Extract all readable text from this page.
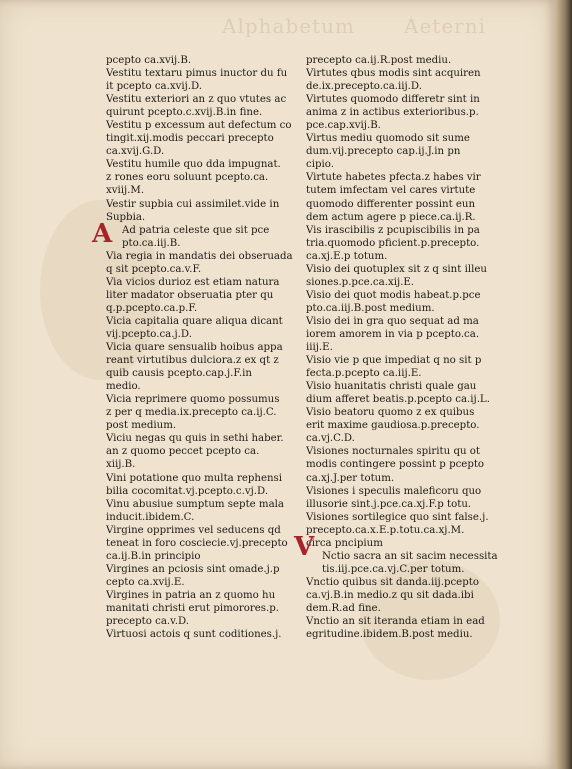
Alphabetum Aeterni
pcepto ca.xvij.B.
Vestitu textaru pimus inuctor du fu
it pcepto ca.xvij.D.
Vestitu exteriori an z quo vtutes ac
quirunt pcepto.c.xvij.B.in fine.
Vestitu p excessum aut defectum co
tingit.xij.modis peccari precepto
ca.xvij.G.D.
Vestitu humile quo dda impugnat.
z rones eoru soluunt pcepto.ca.
xviij.M.
Vestir supbia cui assimilet.vide in
Supbia.
Ad patria celeste que sit pce
pto.ca.iij.B.
Via regia in mandatis dei obseruada
q sit pcepto.ca.v.F.
Via vicios durioz est etiam natura
liter madator obseruatia pter qu
q.p.pcepto.ca.p.F.
Vicia capitalia quare aliqua dicant
vij.pcepto.ca.j.D.
Vicia quare sensualib hoibus appa
reant virtutibus dulciora.z ex qt z
quib causis pcepto.cap.j.F.in
medio.
Vicia reprimere quomo possumus
z per q media.ix.precepto ca.ij.C.
post medium.
Viciu negas qu quis in sethi haber.
an z quomo peccet pcepto ca.
xiij.B.
Vini potatione quo multa rephensi
bilia cocomitat.vj.pcepto.c.vj.D.
Vinu abusiue sumptum septe mala
inducit.ibidem.C.
Virgine opprimes vel seducens qd
teneat in foro cosciecie.vj.precepto
ca.ij.B.in principio
Virgines an pciosis sint omade.j.p
cepto ca.xvij.E.
Virgines in patria an z quomo hu
manitati christi erut pimorores.p.
precepto ca.v.D.
Virtuosi actois q sunt coditiones.j.
precepto ca.ij.R.post mediu.
Virtutes qbus modis sint acquiren
de.ix.precepto.ca.iij.D.
Virtutes quomodo differetr sint in
anima z in actibus exterioribus.p.
pce.cap.xvij.B.
Virtus mediu quomodo sit sume
dum.vij.precepto cap.ij.J.in pn
cipio.
Virtute habetes pfecta.z habes vir
tutem imfectam vel cares virtute
quomodo differenter possint eun
dem actum agere p piece.ca.ij.R.
Vis irascibilis z pcupiscibilis in pa
tria.quomodo pficient.p.precepto.
ca.xj.E.p totum.
Visio dei quotuplex sit z q sint illeu
siones.p.pce.ca.xij.E.
Visio dei quot modis habeat.p.pce
pto.ca.iij.B.post medium.
Visio dei in gra quo sequat ad ma
iorem amorem in via p pcepto.ca.
iiij.E.
Visio vie p que impediat q no sit p
fecta.p.pcepto ca.iij.E.
Visio huanitatis christi quale gau
dium afferet beatis.p.pcepto ca.ij.L.
Visio beatoru quomo z ex quibus
erit maxime gaudiosa.p.precepto.
ca.vj.C.D.
Visiones nocturnales spiritu qu ot
modis contingere possint p pcepto
ca.xj.J.per totum.
Visiones i speculis maleficoru quo
illusorie sint.j.pce.ca.xj.F.p totu.
Visiones sortilegice quo sint false.j.
precepto.ca.x.E.p.totu.ca.xj.M.
circa pncipium
Nctio sacra an sit sacim necessita
tis.iij.pce.ca.vj.C.per totum.
Vnctio quibus sit danda.iij.pcepto
ca.vj.B.in medio.z qu sit dada.ibi
dem.R.ad fine.
Vnctio an sit iteranda etiam in ead
egritudine.ibidem.B.post mediu.
A
V
